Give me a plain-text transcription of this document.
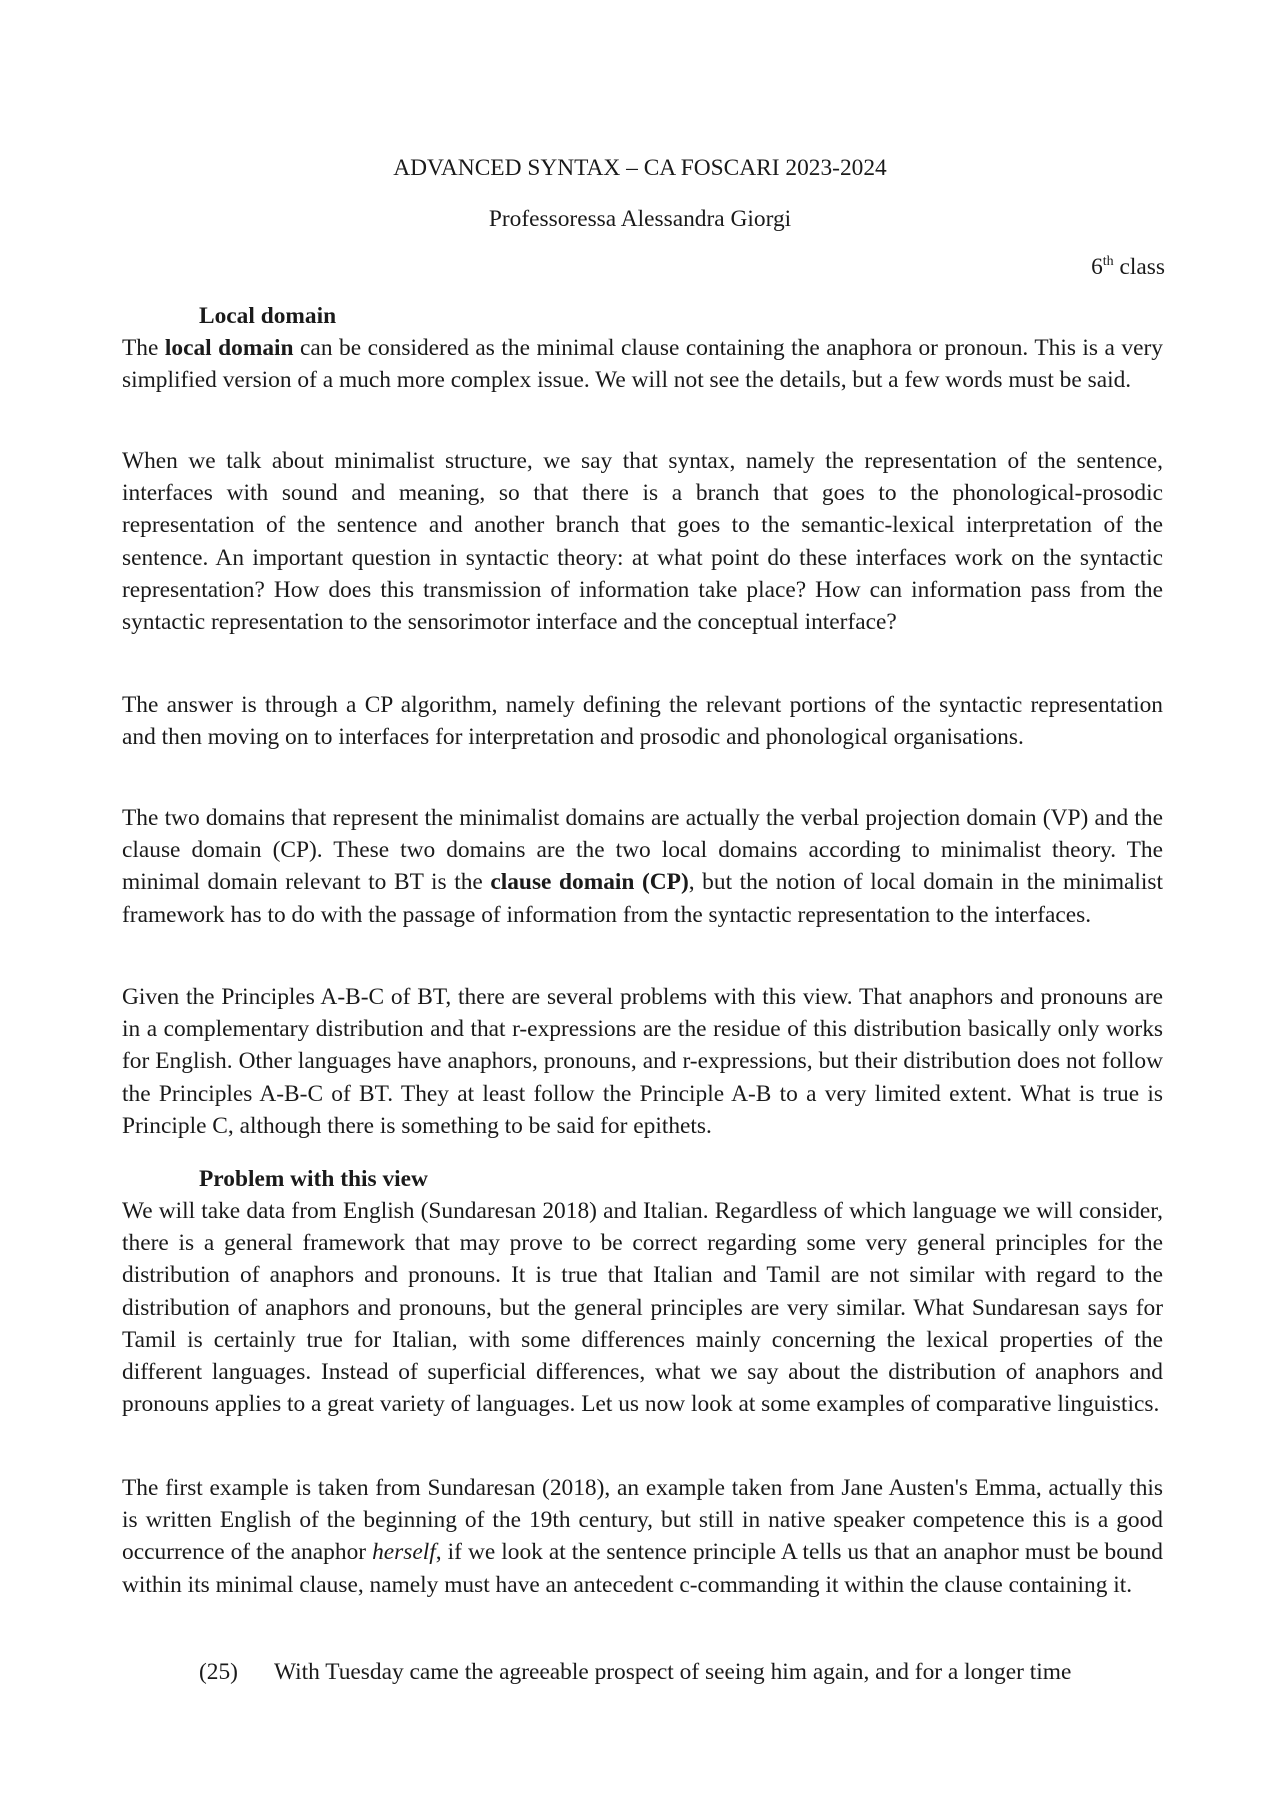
ADVANCED SYNTAX – CA FOSCARI 2023-2024
Professoressa Alessandra Giorgi
6th class
Local domain

The local domain can be considered as the minimal clause containing the anaphora or pronoun. This is a very simplified version of a much more complex issue. We will not see the details, but a few words must be said.

When we talk about minimalist structure, we say that syntax, namely the representation of the sentence, interfaces with sound and meaning, so that there is a branch that goes to the phonological-prosodic representation of the sentence and another branch that goes to the semantic-lexical interpretation of the sentence. An important question in syntactic theory: at what point do these interfaces work on the syntactic representation? How does this transmission of information take place? How can information pass from the syntactic representation to the sensorimotor interface and the conceptual interface?

The answer is through a CP algorithm, namely defining the relevant portions of the syntactic representation and then moving on to interfaces for interpretation and prosodic and phonological organisations.

The two domains that represent the minimalist domains are actually the verbal projection domain (VP) and the clause domain (CP). These two domains are the two local domains according to minimalist theory. The minimal domain relevant to BT is the clause domain (CP), but the notion of local domain in the minimalist framework has to do with the passage of information from the syntactic representation to the interfaces.

Given the Principles A-B-C of BT, there are several problems with this view. That anaphors and pronouns are in a complementary distribution and that r-expressions are the residue of this distribution basically only works for English. Other languages have anaphors, pronouns, and r-expressions, but their distribution does not follow the Principles A-B-C of BT. They at least follow the Principle A-B to a very limited extent. What is true is Principle C, although there is something to be said for epithets.

Problem with this view

We will take data from English (Sundaresan 2018) and Italian. Regardless of which language we will consider, there is a general framework that may prove to be correct regarding some very general principles for the distribution of anaphors and pronouns. It is true that Italian and Tamil are not similar with regard to the distribution of anaphors and pronouns, but the general principles are very similar. What Sundaresan says for Tamil is certainly true for Italian, with some differences mainly concerning the lexical properties of the different languages. Instead of superficial differences, what we say about the distribution of anaphors and pronouns applies to a great variety of languages. Let us now look at some examples of comparative linguistics.

The first example is taken from Sundaresan (2018), an example taken from Jane Austen's Emma, actually this is written English of the beginning of the 19th century, but still in native speaker competence this is a good occurrence of the anaphor herself, if we look at the sentence principle A tells us that an anaphor must be bound within its minimal clause, namely must have an antecedent c-commanding it within the clause containing it.

(25) With Tuesday came the agreeable prospect of seeing him again, and for a longer time
